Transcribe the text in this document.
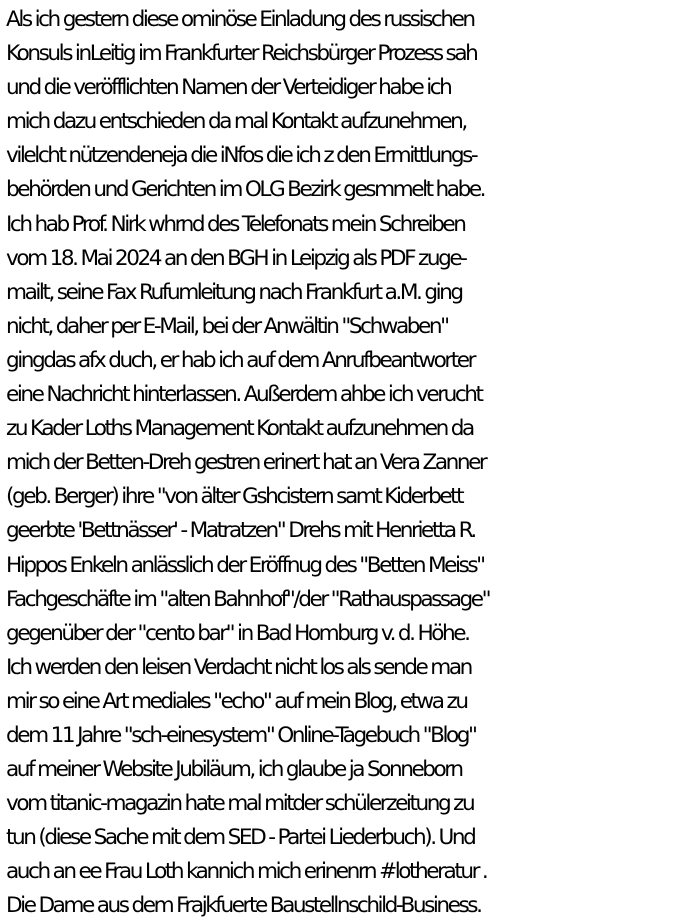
Als ich gestern diese ominöse Einladung des russischen
Konsuls inLeitig im Frankfurter Reichsbürger Prozess sah
und die veröfflichten Namen der Verteidiger habe ich
mich dazu entschieden da mal Kontakt aufzunehmen,
vilelcht nützendeneja die iNfos die ich z den Ermittlungs-
behörden und Gerichten im OLG Bezirk gesmmelt habe.
Ich hab Prof. Nirk whrnd des Telefonats mein Schreiben
vom 18. Mai 2024 an den BGH in Leipzig als PDF zuge-
mailt, seine Fax Rufumleitung nach Frankfurt a.M. ging
nicht, daher per E-Mail, bei der Anwältin "Schwaben"
gingdas afx duch, er hab ich auf dem Anrufbeantworter
eine Nachricht hinterlassen. Außerdem ahbe ich veruсht
zu Kader Loths Management Kontakt aufzunehmen da
mich der Betten-Dreh gestren erinert hat an Vera Zanner
(geb. Berger) ihre "von älter Gshcistern samt Kiderbett
geerbte 'Bettnässer' - Matratzen" Drehs mit Henrietta R.
Hippos Enkeln anlässlich der Eröffnug des "Betten Meiss"
Fachgeschäfte im "alten Bahnhof"/der "Rathauspassage"
gegenüber der "cento bar" in Bad Homburg v. d. Höhe.
Ich werden den leisen Verdacht nicht los als sende man
mir so eine Art mediales "echo" auf mein Blog, etwa zu
dem 11 Jahre "sch-einesystem" Online-Tagebuch "Blog"
auf meiner Website Jubiläum, ich glaube ja Sonneborn
vom titanic-magazin hate mal mitder schülerzeitung zu
tun (diese Sache mit dem SED - Partei Liederbuch). Und
auch an ee Frau Loth kannich mich erinenrn #lotheratur .
Die Dame aus dem Frajkfuerte Baustellnschild-Business.
